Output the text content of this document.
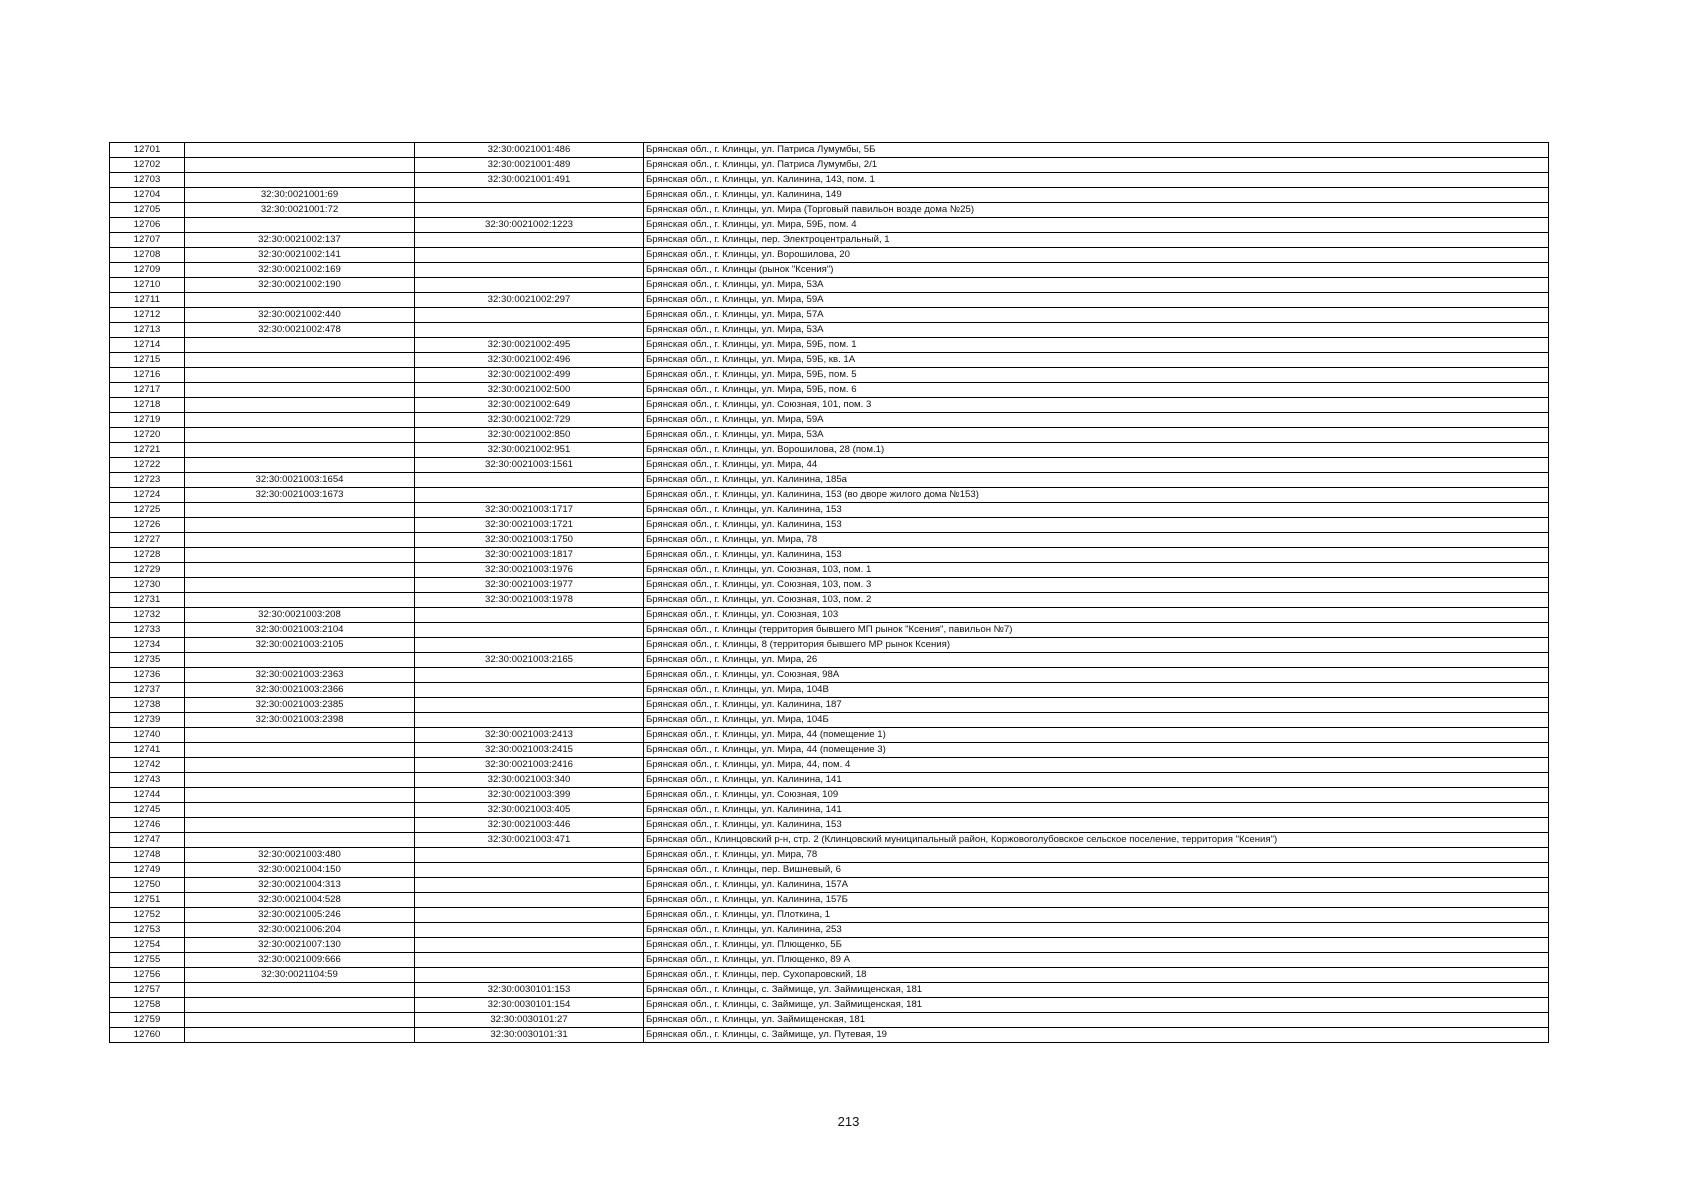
12701		32:30:0021001:486	Брянская обл., г. Клинцы, ул. Патриса Лумумбы, 5Б
12702		32:30:0021001:489	Брянская обл., г. Клинцы, ул. Патриса Лумумбы, 2/1
12703		32:30:0021001:491	Брянская обл., г. Клинцы, ул. Калинина, 143, пом. 1
12704	32:30:0021001:69		Брянская обл., г. Клинцы, ул. Калинина, 149
12705	32:30:0021001:72		Брянская обл., г. Клинцы, ул. Мира (Торговый павильон возде дома №25)
12706		32:30:0021002:1223	Брянская обл., г. Клинцы, ул. Мира, 59Б, пом. 4
12707	32:30:0021002:137		Брянская обл., г. Клинцы, пер. Электроцентральный, 1
12708	32:30:0021002:141		Брянская обл., г. Клинцы, ул. Ворошилова, 20
12709	32:30:0021002:169		Брянская обл., г. Клинцы (рынок "Ксения")
12710	32:30:0021002:190		Брянская обл., г. Клинцы, ул. Мира, 53А
12711		32:30:0021002:297	Брянская обл., г. Клинцы, ул. Мира, 59А
12712	32:30:0021002:440		Брянская обл., г. Клинцы, ул. Мира, 57А
12713	32:30:0021002:478		Брянская обл., г. Клинцы, ул. Мира, 53А
12714		32:30:0021002:495	Брянская обл., г. Клинцы, ул. Мира, 59Б, пом. 1
12715		32:30:0021002:496	Брянская обл., г. Клинцы, ул. Мира, 59Б, кв. 1А
12716		32:30:0021002:499	Брянская обл., г. Клинцы, ул. Мира, 59Б, пом. 5
12717		32:30:0021002:500	Брянская обл., г. Клинцы, ул. Мира, 59Б, пом. 6
12718		32:30:0021002:649	Брянская обл., г. Клинцы, ул. Союзная, 101, пом. 3
12719		32:30:0021002:729	Брянская обл., г. Клинцы, ул. Мира, 59А
12720		32:30:0021002:850	Брянская обл., г. Клинцы, ул. Мира, 53А
12721		32:30:0021002:951	Брянская обл., г. Клинцы, ул. Ворошилова, 28 (пом.1)
12722		32:30:0021003:1561	Брянская обл., г. Клинцы, ул. Мира, 44
12723	32:30:0021003:1654		Брянская обл., г. Клинцы, ул. Калинина, 185а
12724	32:30:0021003:1673		Брянская обл., г. Клинцы, ул. Калинина, 153 (во дворе жилого дома №153)
12725		32:30:0021003:1717	Брянская обл., г. Клинцы, ул. Калинина, 153
12726		32:30:0021003:1721	Брянская обл., г. Клинцы, ул. Калинина, 153
12727		32:30:0021003:1750	Брянская обл., г. Клинцы, ул. Мира, 78
12728		32:30:0021003:1817	Брянская обл., г. Клинцы, ул. Калинина, 153
12729		32:30:0021003:1976	Брянская обл., г. Клинцы, ул. Союзная, 103, пом. 1
12730		32:30:0021003:1977	Брянская обл., г. Клинцы, ул. Союзная, 103, пом. 3
12731		32:30:0021003:1978	Брянская обл., г. Клинцы, ул. Союзная, 103, пом. 2
12732	32:30:0021003:208		Брянская обл., г. Клинцы, ул. Союзная, 103
12733	32:30:0021003:2104		Брянская обл., г. Клинцы (территория бывшего МП рынок "Ксения", павильон №7)
12734	32:30:0021003:2105		Брянская обл., г. Клинцы, 8 (территория бывшего МР рынок Ксения)
12735		32:30:0021003:2165	Брянская обл., г. Клинцы, ул. Мира, 26
12736	32:30:0021003:2363		Брянская обл., г. Клинцы, ул. Союзная, 98А
12737	32:30:0021003:2366		Брянская обл., г. Клинцы, ул. Мира, 104В
12738	32:30:0021003:2385		Брянская обл., г. Клинцы, ул. Калинина, 187
12739	32:30:0021003:2398		Брянская обл., г. Клинцы, ул. Мира, 104Б
12740		32:30:0021003:2413	Брянская обл., г. Клинцы, ул. Мира, 44 (помещение 1)
12741		32:30:0021003:2415	Брянская обл., г. Клинцы, ул. Мира, 44 (помещение 3)
12742		32:30:0021003:2416	Брянская обл., г. Клинцы, ул. Мира, 44, пом. 4
12743		32:30:0021003:340	Брянская обл., г. Клинцы, ул. Калинина, 141
12744		32:30:0021003:399	Брянская обл., г. Клинцы, ул. Союзная, 109
12745		32:30:0021003:405	Брянская обл., г. Клинцы, ул. Калинина, 141
12746		32:30:0021003:446	Брянская обл., г. Клинцы, ул. Калинина, 153
12747		32:30:0021003:471	Брянская обл., Клинцовский р-н, стр. 2 (Клинцовский муниципальный район, Коржовоголубовское сельское поселение, территория "Ксения")
12748	32:30:0021003:480		Брянская обл., г. Клинцы, ул. Мира, 78
12749	32:30:0021004:150		Брянская обл., г. Клинцы, пер. Вишневый, 6
12750	32:30:0021004:313		Брянская обл., г. Клинцы, ул. Калинина, 157А
12751	32:30:0021004:528		Брянская обл., г. Клинцы, ул. Калинина, 157Б
12752	32:30:0021005:246		Брянская обл., г. Клинцы, ул. Плоткина, 1
12753	32:30:0021006:204		Брянская обл., г. Клинцы, ул. Калинина, 253
12754	32:30:0021007:130		Брянская обл., г. Клинцы, ул. Плющенко, 5Б
12755	32:30:0021009:666		Брянская обл., г. Клинцы, ул. Плющенко, 89 А
12756	32:30:0021104:59		Брянская обл., г. Клинцы, пер. Сухопаровский, 18
12757		32:30:0030101:153	Брянская обл., г. Клинцы, с. Займище, ул. Займищенская, 181
12758		32:30:0030101:154	Брянская обл., г. Клинцы, с. Займище, ул. Займищенская, 181
12759		32:30:0030101:27	Брянская обл., г. Клинцы, ул. Займищенская, 181
12760		32:30:0030101:31	Брянская обл., г. Клинцы, с. Займище, ул. Путевая, 19
213
